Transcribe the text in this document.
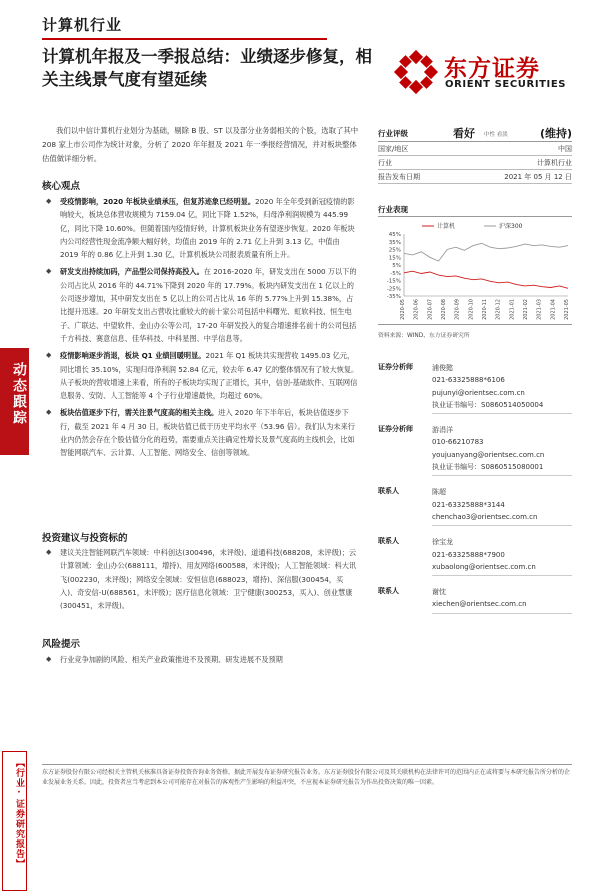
计算机行业
计算机年报及一季报总结：业绩逐步修复，相关主线景气度有望延续	东方证券
ORIENT SECURITIES

我们以中信计算机行业划分为基础，剔除 B 股、ST 以及部分业务弱相关的个股，选取了其中 208 家上市公司作为统计对象，分析了 2020 年年报及 2021 年一季报经营情况，并对板块整体估值做详细分析。

核心观点
◆ 受疫情影响，2020 年板块业绩承压，但复苏迹象已经明显。2020 年全年受到新冠疫情的影响较大，板块总体营收规模为 7159.04 亿，同比下降 1.52%，归母净利润规模为 445.99 亿，同比下降 10.60%。但随着国内疫情好转，计算机板块业务有望逐步恢复。2020 年板块内公司经营性现金流净额大幅好转，均值由 2019 年的 2.71 亿上升到 3.13 亿，中值由 2019 年的 0.86 亿上升到 1.30 亿，计算机板块公司报表质量有所上升。
◆ 研发支出持续加码，产品型公司保持高投入。在 2016-2020 年，研发支出在 5000 万以下的公司占比从 2016 年的 44.71%下降到 2020 年的 17.79%。板块内研发支出在 1 亿以上的公司逐步增加，其中研发支出在 5 亿以上的公司占比从 16 年的 5.77%上升到 15.38%，占比提升迅速。20 年研发支出占营收比重较大的前十家公司包括中科曙光、虹软科技、恒生电子、广联达、中望软件、金山办公等公司，17-20 年研发投入的复合增速排名前十的公司包括千方科技、赛意信息、佳华科技、中科星图、中孚信息等。
◆ 疫情影响逐步消退，板块 Q1 业绩回暖明显。2021 年 Q1 板块共实现营收 1495.03 亿元，同比增长 35.10%，实现归母净利润 52.84 亿元，较去年 6.47 亿的整体情况有了较大恢复。从子板块的营收增速上来看，所有的子板块均实现了正增长，其中，信创-基础软件、互联网信息服务、安防、人工智能等 4 个子行业增速最快，均超过 60%。
◆ 板块估值逐步下行，需关注景气度高的相关主线。进入 2020 年下半年后，板块估值逐步下行，截至 2021 年 4 月 30 日，板块估值已低于历史平均水平（53.96 倍）。我们认为未来行业内仍然会存在个股估值分化的趋势，需要重点关注确定性增长及景气度高的主线机会，比如智能网联汽车、云计算、人工智能、网络安全、信创等领域。
投资建议与投资标的
◆ 建议关注智能网联汽车领域：中科创达(300496，未评级)、道通科技(688208，未评级)；云计算领域：金山办公(688111，增持)、用友网络(600588，未评级)；人工智能领域：科大讯飞(002230，未评级)；网络安全领域：安恒信息(688023，增持)、深信服(300454，买入)、奇安信-U(688561，未评级)；医疗信息化领域：卫宁健康(300253，买入)、创业慧康(300451，未评级)。
风险提示
◆ 行业竞争加剧的风险、相关产业政策推进不及预期、研发进展不及预期
动态跟踪
【行业·证券研究报告】
行业评级	看好 中性 看淡	(维持)
国家/地区	中国
行业	计算机行业
报告发布日期	2021 年 05 月 12 日
行业表现
45%
35%
25%
15%
5%
-5%
-15%
-25%
-35%
计算机	沪深300
2020-05 2020-06 2020-07 2020-08 2020-09 2020-10 2020-11 2020-12 2021-01 2021-02 2021-03 2021-04 2021-05
资料来源：WIND、东方证券研究所
证券分析师	浦俊懿
021-63325888*6106
pujunyi@orientsec.com.cn
执业证书编号：S0860514050004
证券分析师	游涓洋
010-66210783
youjuanyang@orientsec.com.cn
执业证书编号：S0860515080001
联系人	陈超
021-63325888*3144
chenchao3@orientsec.com.cn
联系人	徐宝龙
021-63325888*7900
xubaolong@orientsec.com.cn
联系人	谢忱
xiechen@orientsec.com.cn
东方证券股份有限公司经相关主管机关核准具备证券投资咨询业务资格，据此开展发布证券研究报告业务。东方证券股份有限公司及其关联机构在法律许可的范围内正在或将要与本研究报告所分析的企业发展业务关系。因此，投资者应当考虑到本公司可能存在对报告的客观性产生影响的利益冲突，不应视本证券研究报告为作出投资决策的唯一因素。
